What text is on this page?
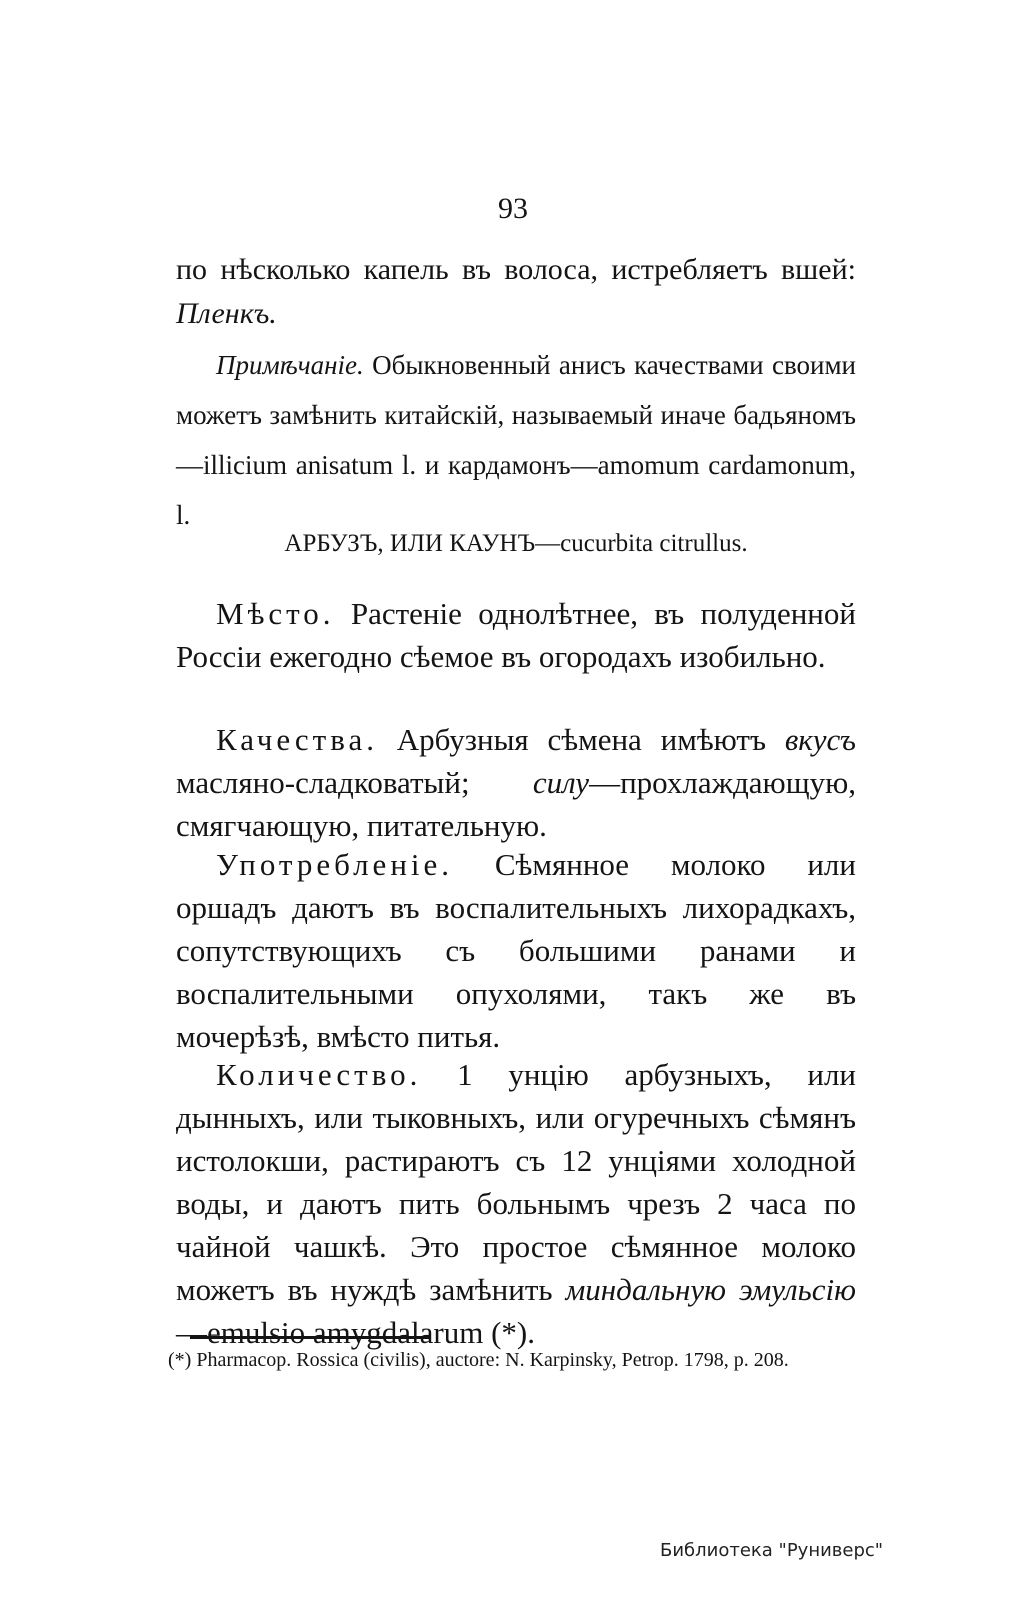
93
по нѣсколько капель въ волоса, истребляетъ вшей: Пленкъ.
Примѣчаніе. Обыкновенный анисъ качествами своими можетъ замѣнить китайскій, называемый иначе бадьяномъ—illicium anisatum l. и кардамонъ—amomum cardamonum, l.
АРБУЗЪ, ИЛИ КАУНЪ—cucurbita citrullus.
Мѣсто. Растеніе однолѣтнее, въ полуденной Россіи ежегодно сѣемое въ огородахъ изобильно.
Качества. Арбузныя сѣмена имѣютъ вкусъ масляно-сладковатый; силу—прохлаждающую, смягчающую, питательную.
Употребленіе. Сѣмянное молоко или оршадъ даютъ въ воспалительныхъ лихорадкахъ, сопутствующихъ съ большими ранами и воспалительными опухолями, такъ же въ мочерѣзѣ, вмѣсто питья.
Количество. 1 унцію арбузныхъ, или дынныхъ, или тыковныхъ, или огуречныхъ сѣмянъ истолокши, растираютъ съ 12 унціями холодной воды, и даютъ пить больнымъ чрезъ 2 часа по чайной чашкѣ. Это простое сѣмянное молоко можетъ въ нуждѣ замѣнить миндальную эмульсію—emulsio amygdalarum (*).
(*) Pharmacop. Rossica (civilis), auctore: N. Karpinsky, Petrop. 1798, p. 208.
Библиотека "Руниверс"
